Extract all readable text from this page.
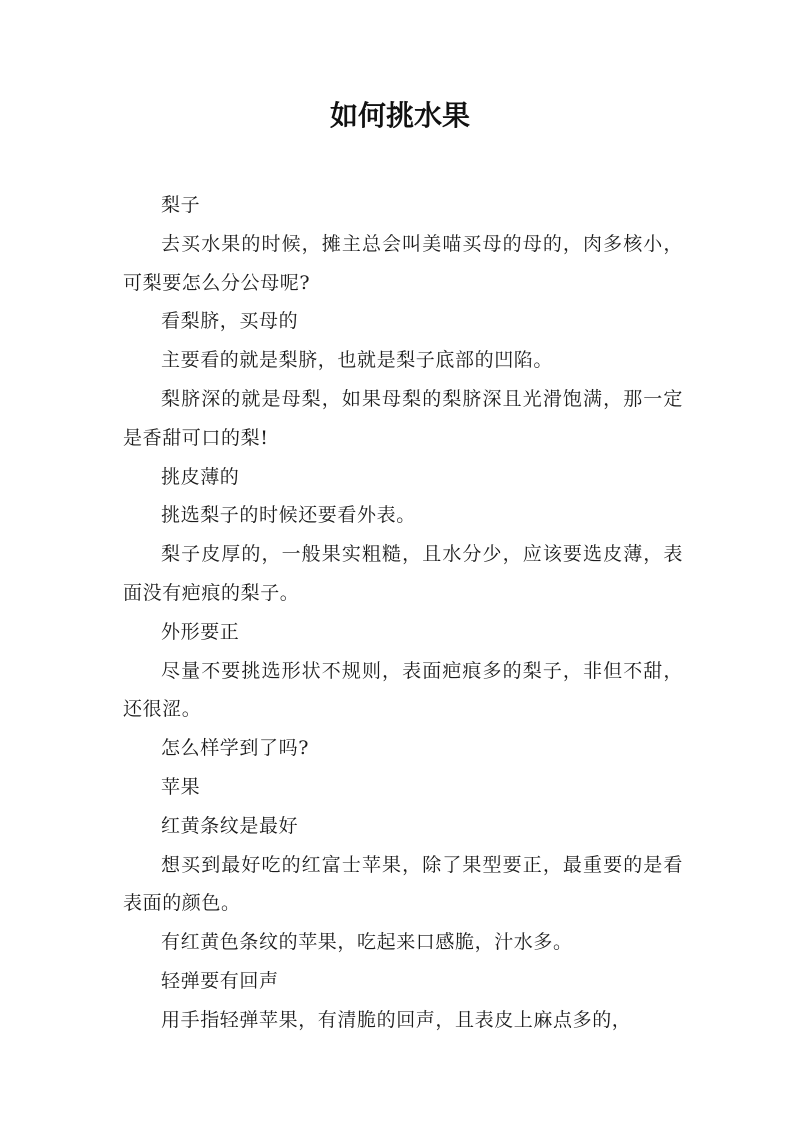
如何挑水果

梨子

去买水果的时候，摊主总会叫美喵买母的母的，肉多核小，可梨要怎么分公母呢?

看梨脐，买母的

主要看的就是梨脐，也就是梨子底部的凹陷。

梨脐深的就是母梨，如果母梨的梨脐深且光滑饱满，那一定是香甜可口的梨!

挑皮薄的

挑选梨子的时候还要看外表。

梨子皮厚的，一般果实粗糙，且水分少，应该要选皮薄，表面没有疤痕的梨子。

外形要正

尽量不要挑选形状不规则，表面疤痕多的梨子，非但不甜，还很涩。

怎么样学到了吗?

苹果

红黄条纹是最好

想买到最好吃的红富士苹果，除了果型要正，最重要的是看表面的颜色。

有红黄色条纹的苹果，吃起来口感脆，汁水多。

轻弹要有回声

用手指轻弹苹果，有清脆的回声，且表皮上麻点多的，
